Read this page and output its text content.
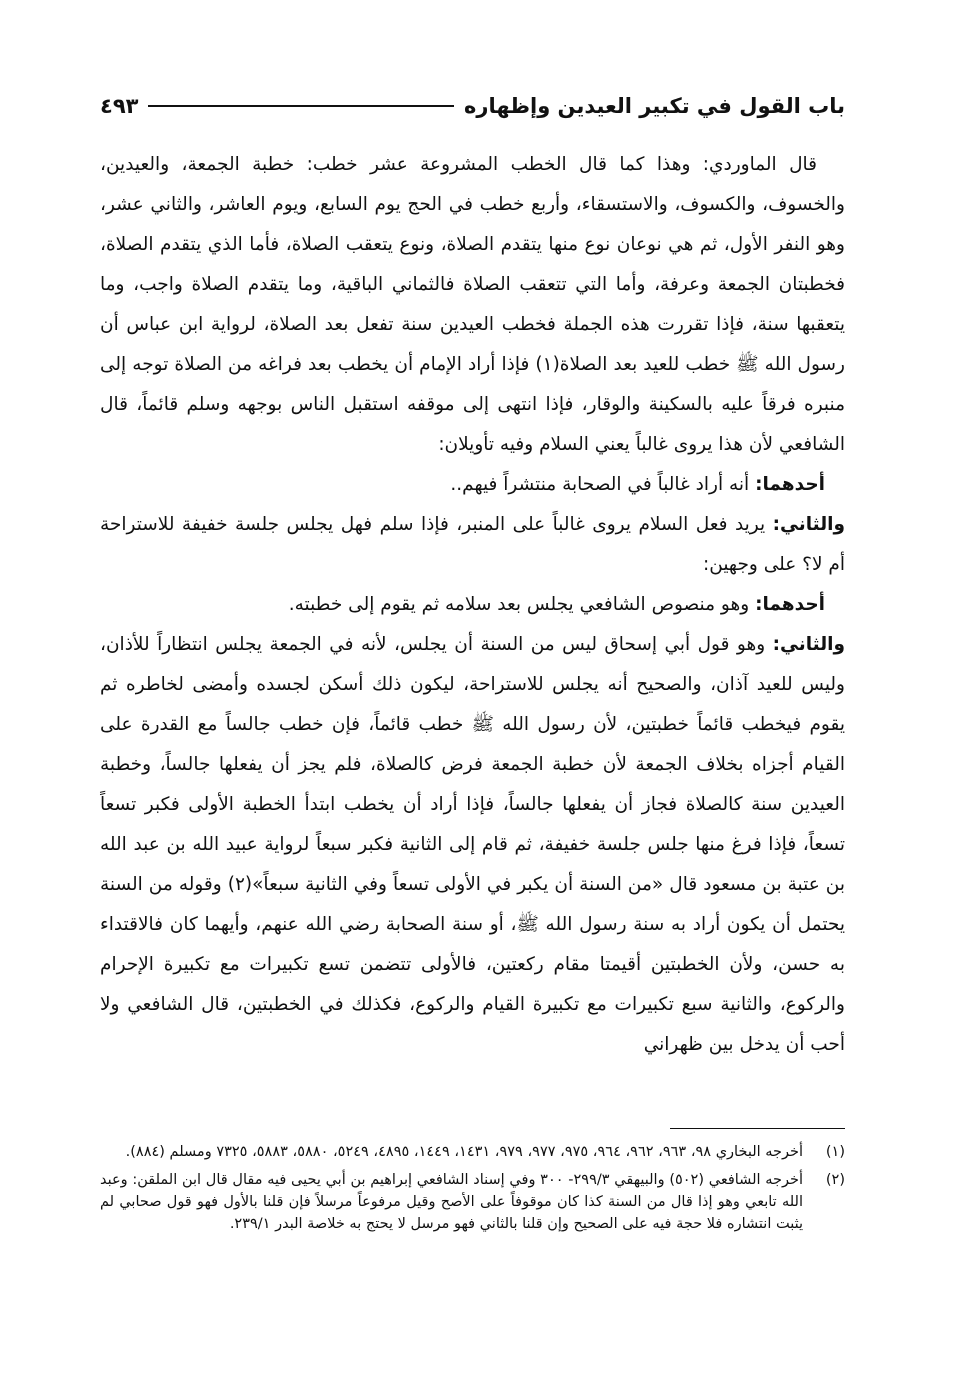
باب القول في تكبير العيدين وإظهاره
٤٩٣

قال الماوردي: وهذا كما قال الخطب المشروعة عشر خطب: خطبة الجمعة، والعيدين، والخسوف، والكسوف، والاستسقاء، وأربع خطب في الحج يوم السابع، ويوم العاشر، والثاني عشر، وهو النفر الأول، ثم هي نوعان نوع منها يتقدم الصلاة، ونوع يتعقب الصلاة، فأما الذي يتقدم الصلاة، فخطبتان الجمعة وعرفة، وأما التي تتعقب الصلاة فالثماني الباقية، وما يتقدم الصلاة واجب، وما يتعقبها سنة، فإذا تقررت هذه الجملة فخطب العيدين سنة تفعل بعد الصلاة، لرواية ابن عباس أن رسول الله ﷺ خطب للعيد بعد الصلاة(١) فإذا أراد الإمام أن يخطب بعد فراغه من الصلاة توجه إلى منبره فرقاً عليه بالسكينة والوقار، فإذا انتهى إلى موقفه استقبل الناس بوجهه وسلم قائماً، قال الشافعي لأن هذا يروى غالباً يعني السلام وفيه تأويلان:

أحدهما: أنه أراد غالباً في الصحابة منتشراً فيهم..

والثاني: يريد فعل السلام يروى غالباً على المنبر، فإذا سلم فهل يجلس جلسة خفيفة للاستراحة أم لا؟ على وجهين:

أحدهما: وهو منصوص الشافعي يجلس بعد سلامه ثم يقوم إلى خطبته.

والثاني: وهو قول أبي إسحاق ليس من السنة أن يجلس، لأنه في الجمعة يجلس انتظاراً للأذان، وليس للعيد آذان، والصحيح أنه يجلس للاستراحة، ليكون ذلك أسكن لجسده وأمضى لخاطره ثم يقوم فيخطب قائماً خطبتين، لأن رسول الله ﷺ خطب قائماً، فإن خطب جالساً مع القدرة على القيام أجزاه بخلاف الجمعة لأن خطبة الجمعة فرض كالصلاة، فلم يجز أن يفعلها جالساً، وخطبة العيدين سنة كالصلاة فجاز أن يفعلها جالساً، فإذا أراد أن يخطب ابتدأ الخطبة الأولى فكبر تسعاً تسعاً، فإذا فرغ منها جلس جلسة خفيفة، ثم قام إلى الثانية فكبر سبعاً لرواية عبيد الله بن عبد الله بن عتبة بن مسعود قال «من السنة أن يكبر في الأولى تسعاً وفي الثانية سبعاً»(٢) وقوله من السنة يحتمل أن يكون أراد به سنة رسول الله ﷺ، أو سنة الصحابة رضي الله عنهم، وأيهما كان فالاقتداء به حسن، ولأن الخطبتين أقيمتا مقام ركعتين، فالأولى تتضمن تسع تكبيرات مع تكبيرة الإحرام والركوع، والثانية سبع تكبيرات مع تكبيرة القيام والركوع، فكذلك في الخطبتين، قال الشافعي ولا أحب أن يدخل بين ظهراني

(١)
أخرجه البخاري ٩٨، ٩٦٣، ٩٦٢، ٩٦٤، ٩٧٥، ٩٧٧، ٩٧٩، ١٤٣١، ١٤٤٩، ٤٨٩٥، ٥٢٤٩، ٥٨٨٠، ٥٨٨٣، ٧٣٢٥ ومسلم (٨٨٤).
(٢)
أخرجه الشافعي (٥٠٢) والبيهقي ٢٩٩/٣- ٣٠٠ وفي إسناد الشافعي إبراهيم بن أبي يحيى فيه مقال قال ابن الملقن: وعبد الله تابعي وهو إذا قال من السنة كذا كان موقوفاً على الأصح وقيل مرفوعاً مرسلاً فإن قلنا بالأول فهو قول صحابي لم يثبت انتشاره فلا حجة فيه على الصحيح وإن قلنا بالثاني فهو مرسل لا يحتج به خلاصة البدر ٢٣٩/١.
